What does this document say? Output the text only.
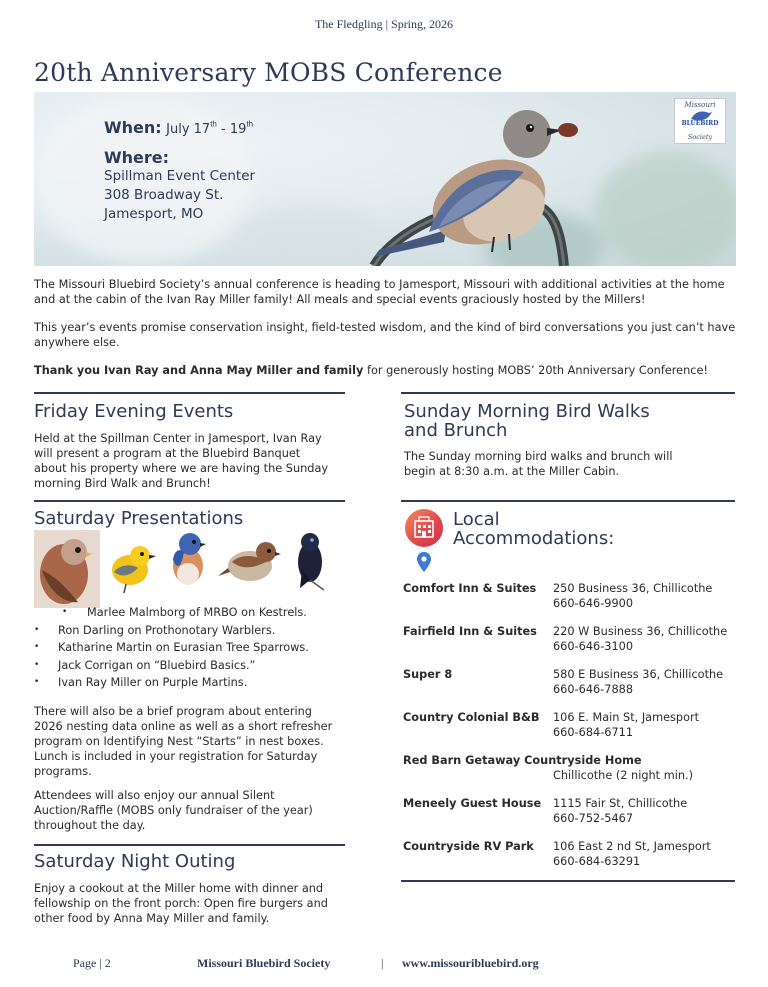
The Fledgling | Spring, 2026
20th Anniversary MOBS Conference
When: July 17th - 19th
Where:
Spillman Event Center
308 Broadway St.
Jamesport, MO
Missouri
BLUEBIRD
Society

The Missouri Bluebird Society’s annual conference is heading to Jamesport, Missouri with additional activities at the home and at the cabin of the Ivan Ray Miller family! All meals and special events graciously hosted by the Millers!

This year’s events promise conservation insight, field-tested wisdom, and the kind of bird conversations you just can’t have anywhere else.

Thank you Ivan Ray and Anna May Miller and family for generously hosting MOBS’ 20th Anniversary Conference!

Friday Evening Events

Held at the Spillman Center in Jamesport, Ivan Ray will present a program at the Bluebird Banquet about his property where we are having the Sunday morning Bird Walk and Brunch!

Saturday Presentations
• Marlee Malmborg of MRBO on Kestrels.
• Ron Darling on Prothonotary Warblers.
• Katharine Martin on Eurasian Tree Sparrows.
• Jack Corrigan on “Bluebird Basics.”
• Ivan Ray Miller on Purple Martins.

There will also be a brief program about entering 2026 nesting data online as well as a short refresher program on Identifying Nest “Starts” in nest boxes. Lunch is included in your registration for Saturday programs.

Attendees will also enjoy our annual Silent Auction/Raffle (MOBS only fundraiser of the year) throughout the day.

Saturday Night Outing

Enjoy a cookout at the Miller home with dinner and fellowship on the front porch: Open fire burgers and other food by Anna May Miller and family.

Sunday Morning Bird Walks
and Brunch

The Sunday morning bird walks and brunch will begin at 8:30 a.m. at the Miller Cabin.

Local
Accommodations:
Comfort Inn & Suites 250 Business 36, Chillicothe
660-646-9900
Fairfield Inn & Suites 220 W Business 36, Chillicothe
660-646-3100
Super 8	580 E Business 36, Chillicothe
660-646-7888
Country Colonial B&B 106 E. Main St, Jamesport
660-684-6711
Red Barn Getaway Countryside Home
Chillicothe (2 night min.)
Meneely Guest House 1115 Fair St, Chillicothe
660-752-5467
Countryside RV Park 106 East 2 nd St, Jamesport
660-684-63291
Page | 2	Missouri Bluebird Society	| www.missouribluebird.org
